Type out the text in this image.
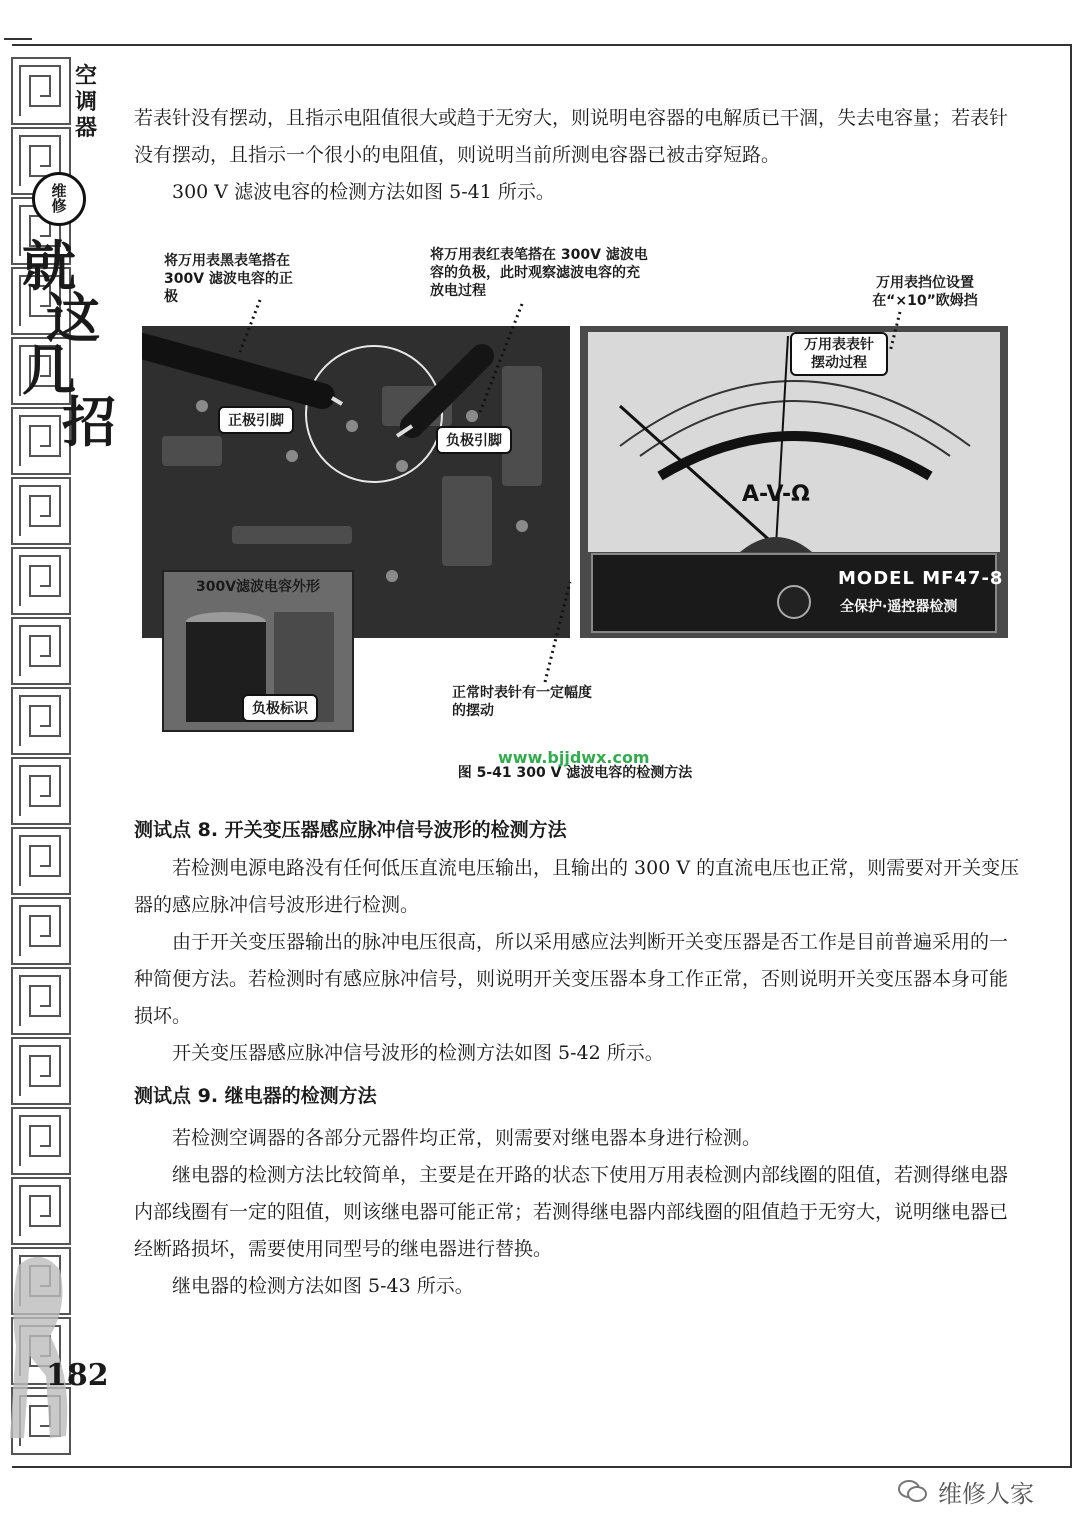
空
调
器
维
修
就
这
几
招

若表针没有摆动，且指示电阻值很大或趋于无穷大，则说明电容器的电解质已干涸，失去电容量；若表针没有摆动，且指示一个很小的电阻值，则说明当前所测电容器已被击穿短路。

300 V 滤波电容的检测方法如图 5-41 所示。

将万用表黑表笔搭在 300V 滤波电容的正极
将万用表红表笔搭在 300V 滤波电容的负极，此时观察滤波电容的充放电过程	万用表挡位设置在“×10”欧姆挡
正极引脚
负极引脚
300V滤波电容外形
负极标识
A-V-Ω
万用表表针摆动过程
MODEL MF47-8
全保护·遥控器检测
正常时表针有一定幅度的摆动
www.bjjdwx.com
图 5-41 300 V 滤波电容的检测方法
测试点 8. 开关变压器感应脉冲信号波形的检测方法

若检测电源电路没有任何低压直流电压输出，且输出的 300 V 的直流电压也正常，则需要对开关变压器的感应脉冲信号波形进行检测。

由于开关变压器输出的脉冲电压很高，所以采用感应法判断开关变压器是否工作是目前普遍采用的一种简便方法。若检测时有感应脉冲信号，则说明开关变压器本身工作正常，否则说明开关变压器本身可能损坏。

开关变压器感应脉冲信号波形的检测方法如图 5-42 所示。

测试点 9. 继电器的检测方法

若检测空调器的各部分元器件均正常，则需要对继电器本身进行检测。

继电器的检测方法比较简单，主要是在开路的状态下使用万用表检测内部线圈的阻值，若测得继电器内部线圈有一定的阻值，则该继电器可能正常；若测得继电器内部线圈的阻值趋于无穷大，说明继电器已经断路损坏，需要使用同型号的继电器进行替换。

继电器的检测方法如图 5-43 所示。

182
维修人家
